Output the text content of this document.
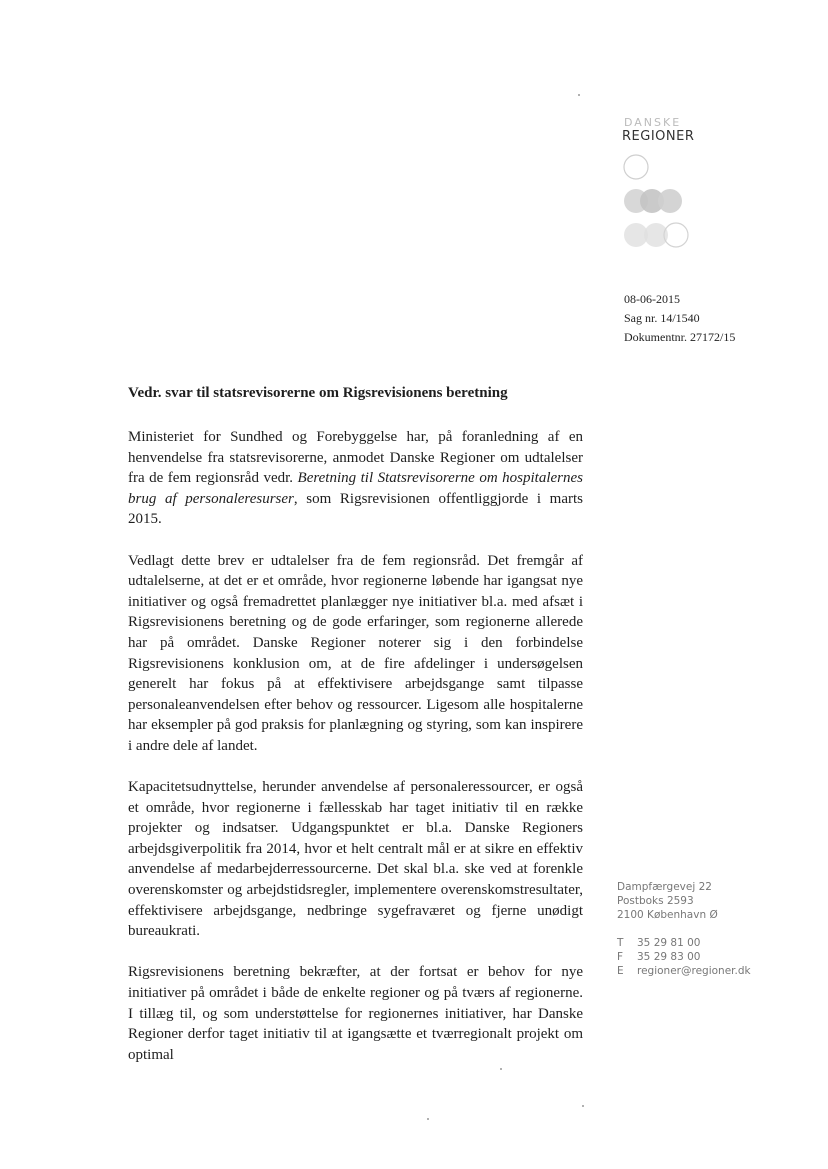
DANSKE
REGIONER
08-06-2015
Sag nr. 14/1540
Dokumentnr. 27172/15
Vedr. svar til statsrevisorerne om Rigsrevisionens beretning

Ministeriet for Sundhed og Forebyggelse har, på foranledning af en henvendelse fra statsrevisorerne, anmodet Danske Regioner om udtalelser fra de fem regionsråd vedr. Beretning til Statsrevisorerne om hospitalernes brug af personaleresurser, som Rigsrevisionen offentliggjorde i marts 2015.

Vedlagt dette brev er udtalelser fra de fem regionsråd. Det fremgår af udtalelserne, at det er et område, hvor regionerne løbende har igangsat nye initiativer og også fremadrettet planlægger nye initiativer bl.a. med afsæt i Rigsrevisionens beretning og de gode erfaringer, som regionerne allerede har på området. Danske Regioner noterer sig i den forbindelse Rigsrevisionens konklusion om, at de fire afdelinger i undersøgelsen generelt har fokus på at effektivisere arbejdsgange samt tilpasse personaleanvendelsen efter behov og ressourcer. Ligesom alle hospitalerne har eksempler på god praksis for planlægning og styring, som kan inspirere i andre dele af landet.

Kapacitetsudnyttelse, herunder anvendelse af personaleressourcer, er også et område, hvor regionerne i fællesskab har taget initiativ til en række projekter og indsatser. Udgangspunktet er bl.a. Danske Regioners arbejdsgiverpolitik fra 2014, hvor et helt centralt mål er at sikre en effektiv anvendelse af medarbejderressourcerne. Det skal bl.a. ske ved at forenkle overenskomster og arbejdstidsregler, implementere overenskomstresultater, effektivisere arbejdsgange, nedbringe sygefraværet og fjerne unødigt bureaukrati.

Rigsrevisionens beretning bekræfter, at der fortsat er behov for nye initiativer på området i både de enkelte regioner og på tværs af regionerne. I tillæg til, og som understøttelse for regionernes initiativer, har Danske Regioner derfor taget initiativ til at igangsætte et tværregionalt projekt om optimal

Dampfærgevej 22
Postboks 2593
2100 København Ø
T 35 29 81 00
F 35 29 83 00
E regioner@regioner.dk
